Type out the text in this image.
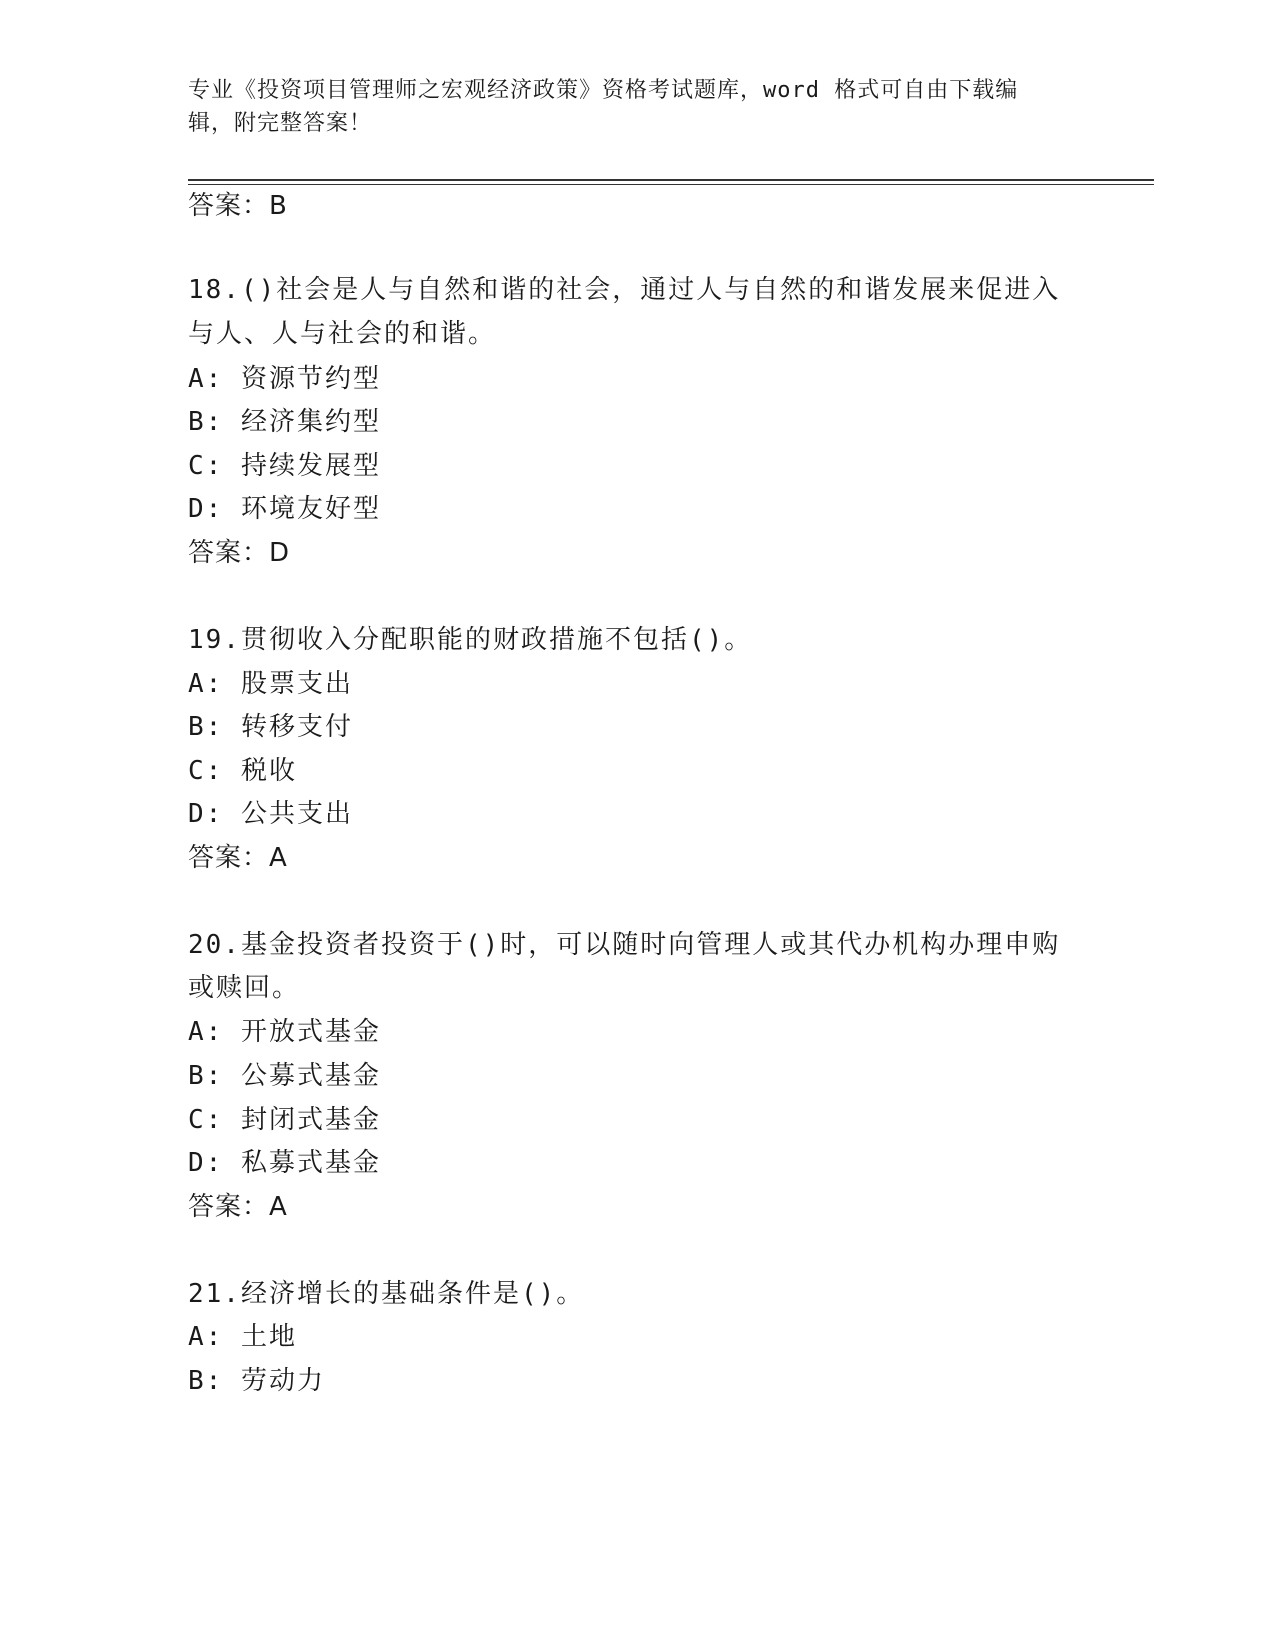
专业《投资项目管理师之宏观经济政策》资格考试题库，word 格式可自由下载编
辑，附完整答案！
答案：B
18.()社会是人与自然和谐的社会，通过人与自然的和谐发展来促进入
与人、人与社会的和谐。
A: 资源节约型
B: 经济集约型
C: 持续发展型
D: 环境友好型
答案：D
19.贯彻收入分配职能的财政措施不包括()。
A: 股票支出
B: 转移支付
C: 税收
D: 公共支出
答案：A
20.基金投资者投资于()时，可以随时向管理人或其代办机构办理申购
或赎回。
A: 开放式基金
B: 公募式基金
C: 封闭式基金
D: 私募式基金
答案：A
21.经济增长的基础条件是()。
A: 土地
B: 劳动力
